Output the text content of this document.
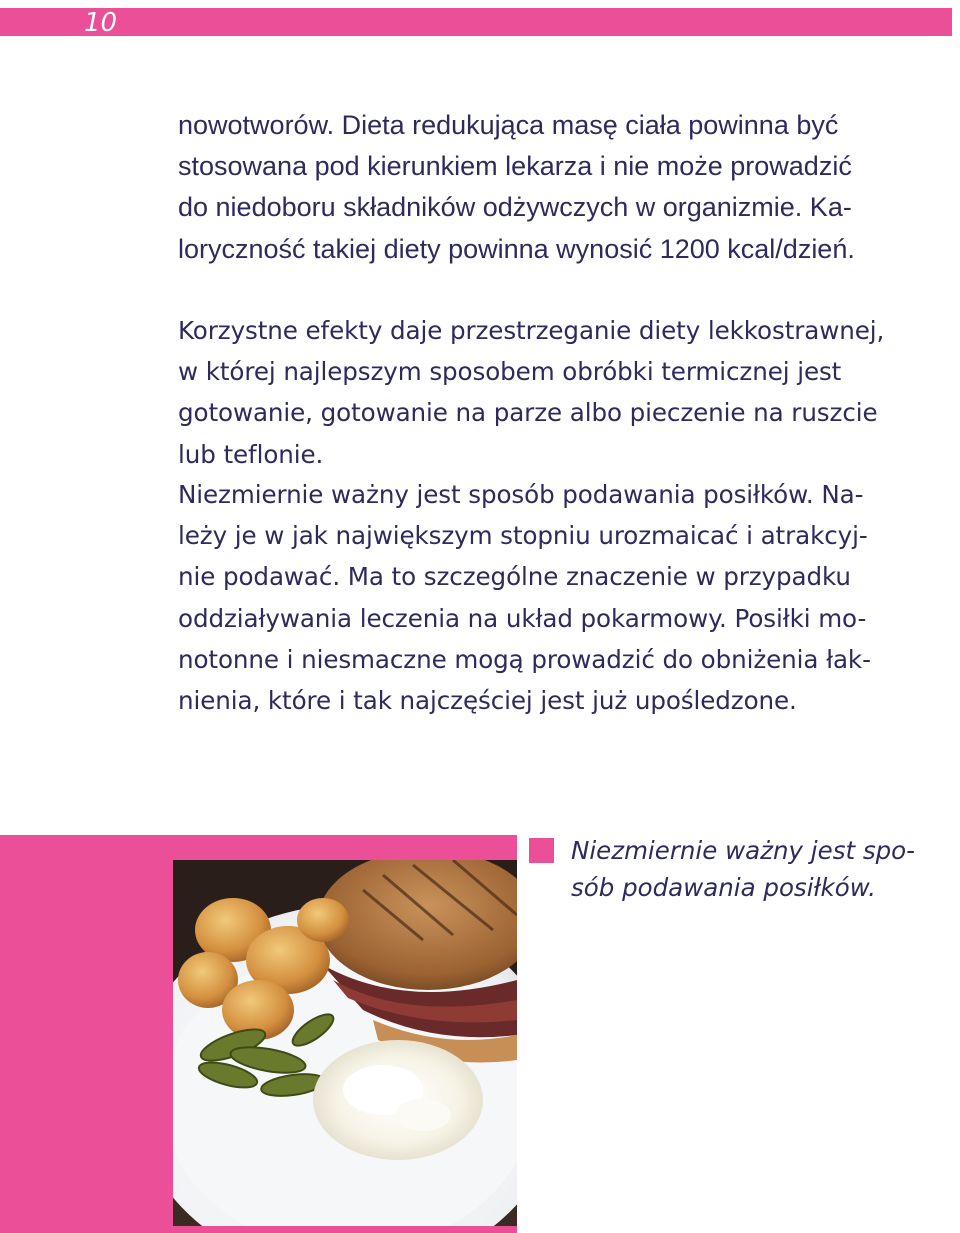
10

nowotworów. Dieta redukująca masę ciała powinna być
stosowana pod kierunkiem lekarza i nie może prowadzić
do niedoboru składników odżywczych w organizmie. Ka-
loryczność takiej diety powinna wynosić 1200 kcal/dzień.

Korzystne efekty daje przestrzeganie diety lekkostrawnej,
w której najlepszym sposobem obróbki termicznej jest
gotowanie, gotowanie na parze albo pieczenie na ruszcie
lub teflonie.

Niezmiernie ważny jest sposób podawania posiłków. Na-
leży je w jak największym stopniu urozmaicać i atrakcyj-
nie podawać. Ma to szczególne znaczenie w przypadku
oddziaływania leczenia na układ pokarmowy. Posiłki mo-
notonne i niesmaczne mogą prowadzić do obniżenia łak-
nienia, które i tak najczęściej jest już upośledzone.

Niezmiernie ważny jest spo-
sób podawania posiłków.
